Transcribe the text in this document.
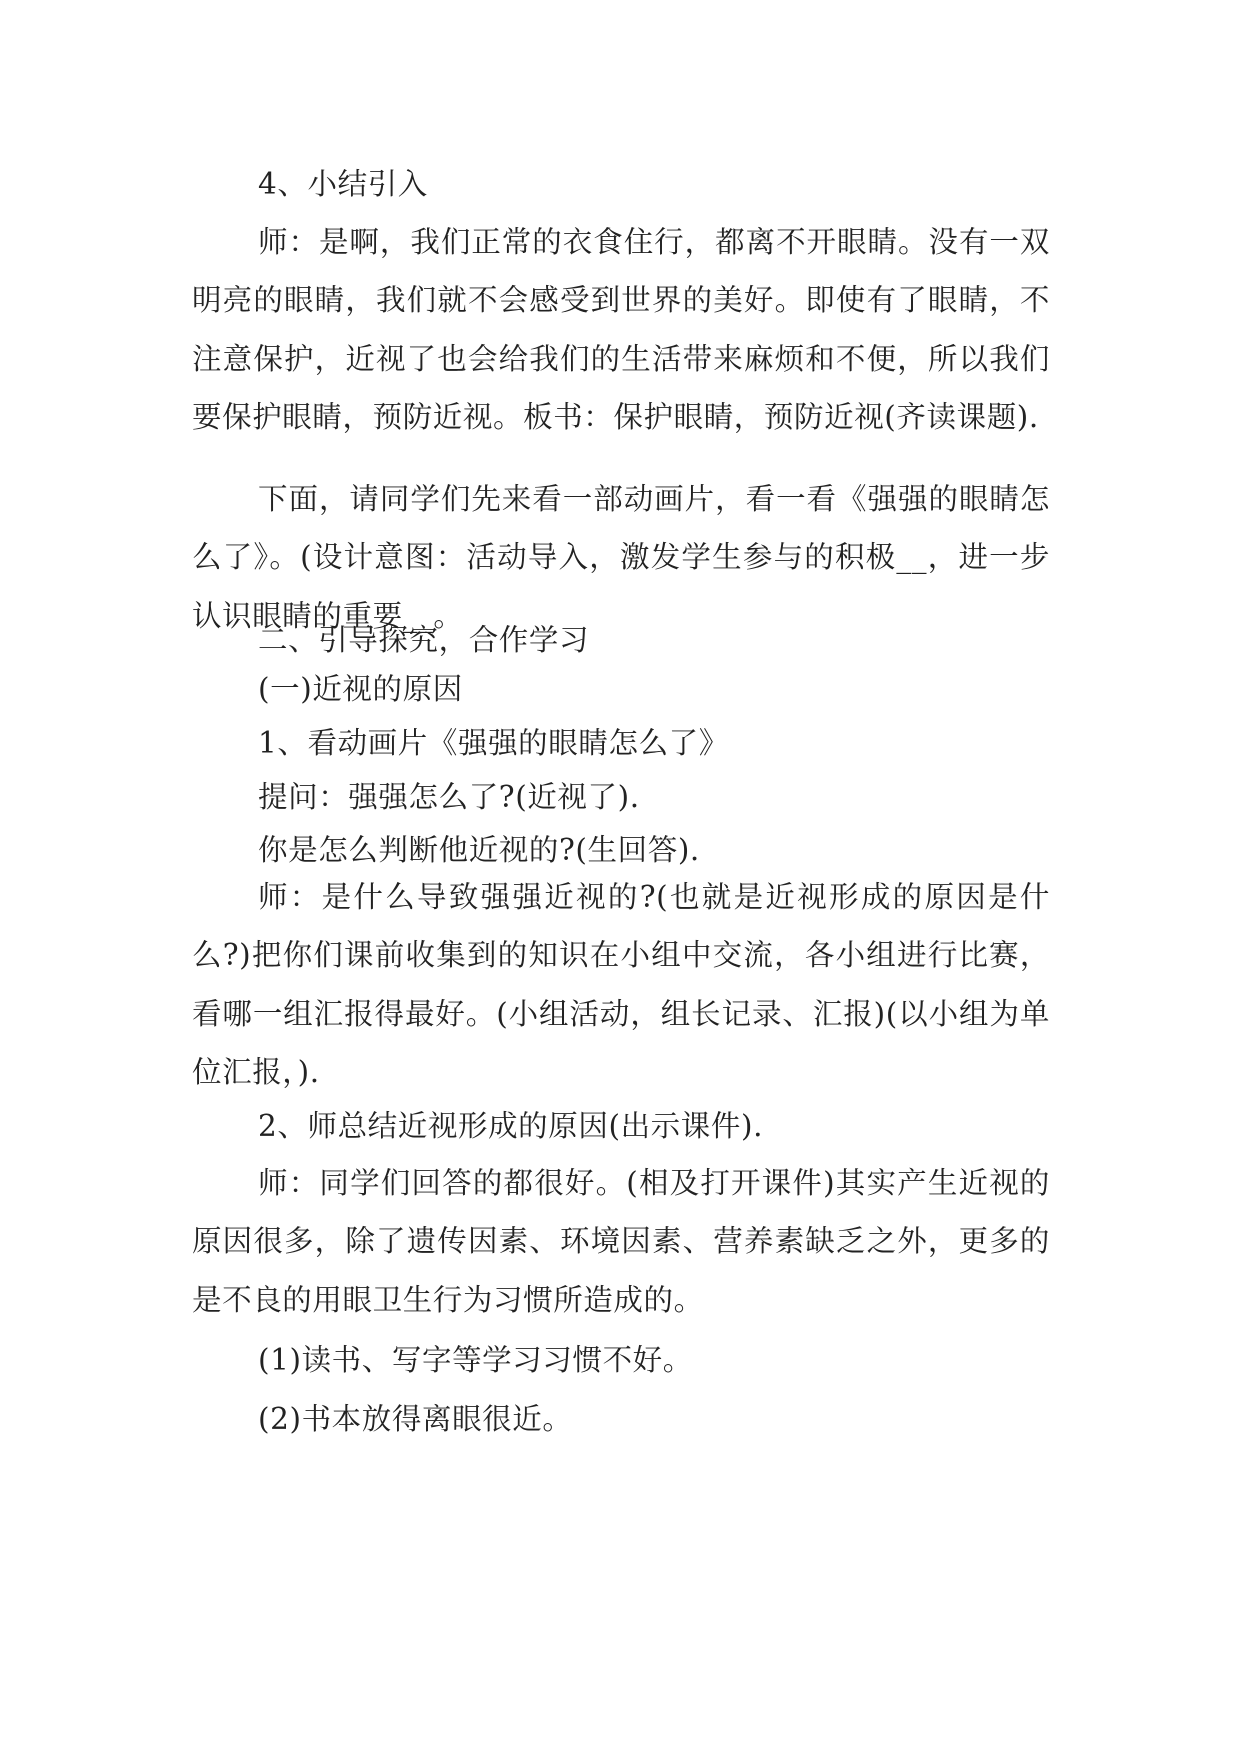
4、小结引入

师：是啊，我们正常的衣食住行，都离不开眼睛。没有一双明亮的眼睛，我们就不会感受到世界的美好。即使有了眼睛，不注意保护，近视了也会给我们的生活带来麻烦和不便，所以我们要保护眼睛，预防近视。板书：保护眼睛，预防近视(齐读课题).

下面，请同学们先来看一部动画片，看一看《强强的眼睛怎么了》。(设计意图：活动导入，激发学生参与的积极__，进一步认识眼睛的重要__。

二、引导探究，合作学习

(一)近视的原因

1、看动画片《强强的眼睛怎么了》

提问：强强怎么了?(近视了).

你是怎么判断他近视的?(生回答).

师：是什么导致强强近视的?(也就是近视形成的原因是什么?)把你们课前收集到的知识在小组中交流，各小组进行比赛，看哪一组汇报得最好。(小组活动，组长记录、汇报)(以小组为单位汇报，).

2、师总结近视形成的原因(出示课件).

师：同学们回答的都很好。(相及打开课件)其实产生近视的原因很多，除了遗传因素、环境因素、营养素缺乏之外，更多的是不良的用眼卫生行为习惯所造成的。

(1)读书、写字等学习习惯不好。

(2)书本放得离眼很近。
